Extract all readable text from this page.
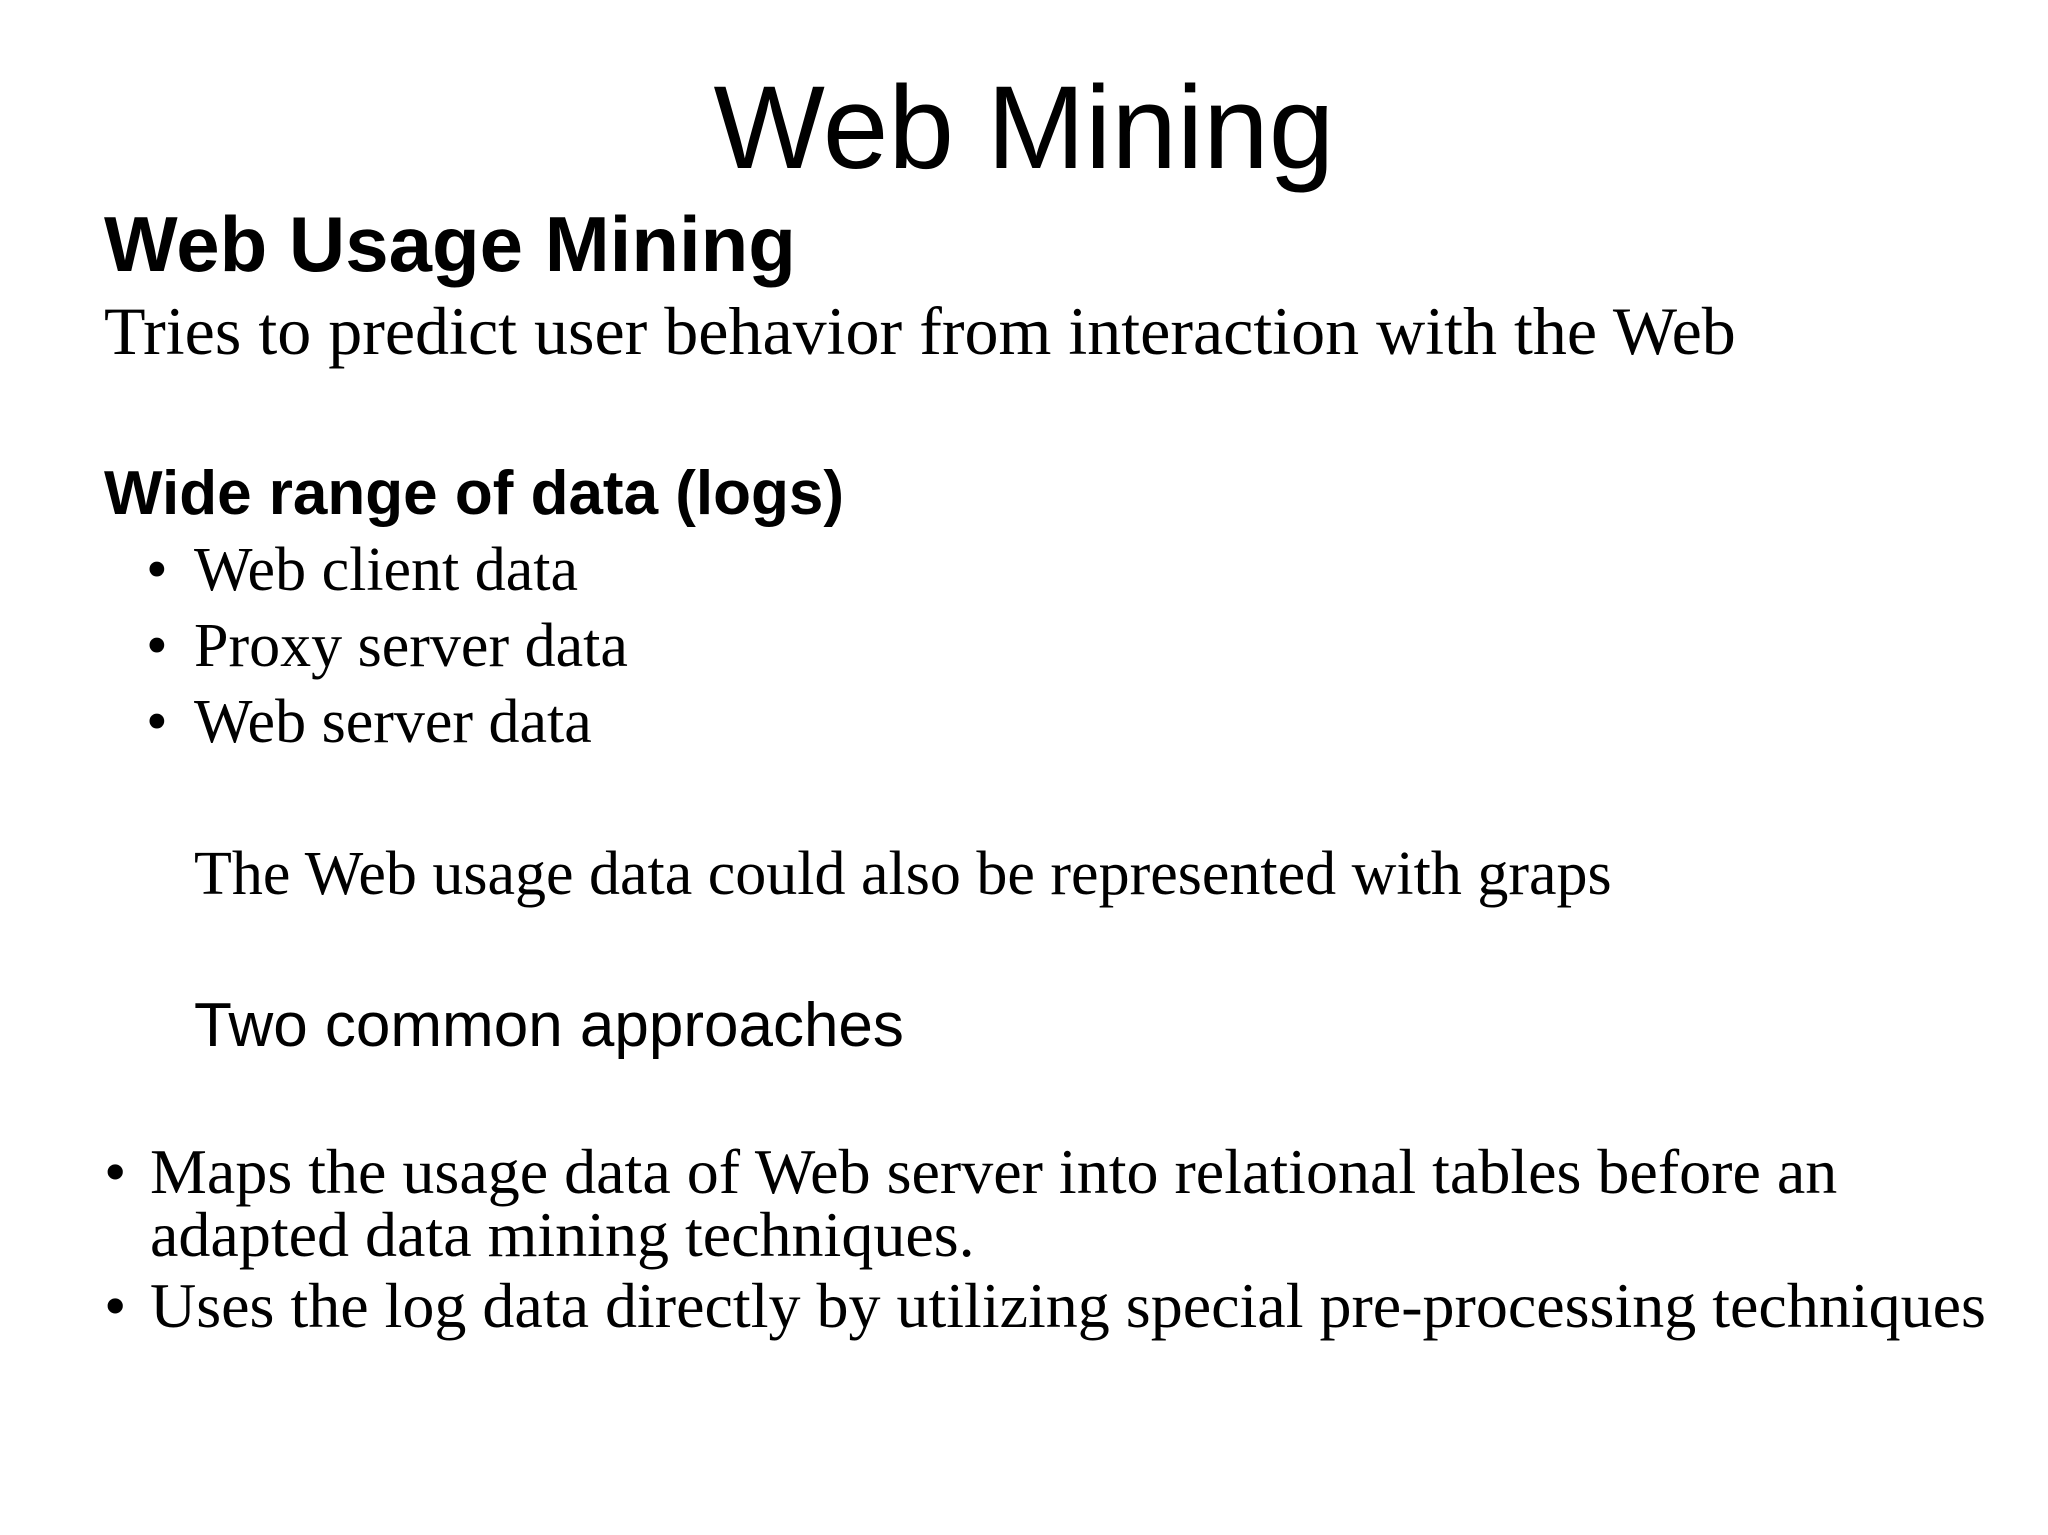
Web Mining
Web Usage Mining
Tries to predict user behavior from interaction with the Web
Wide range of data (logs)
• Web client data
• Proxy server data
• Web server data
The Web usage data could also be represented with graps
Two common approaches
• Maps the usage data of Web server into relational tables before an adapted data mining techniques.
• Uses the log data directly by utilizing special pre-processing techniques
